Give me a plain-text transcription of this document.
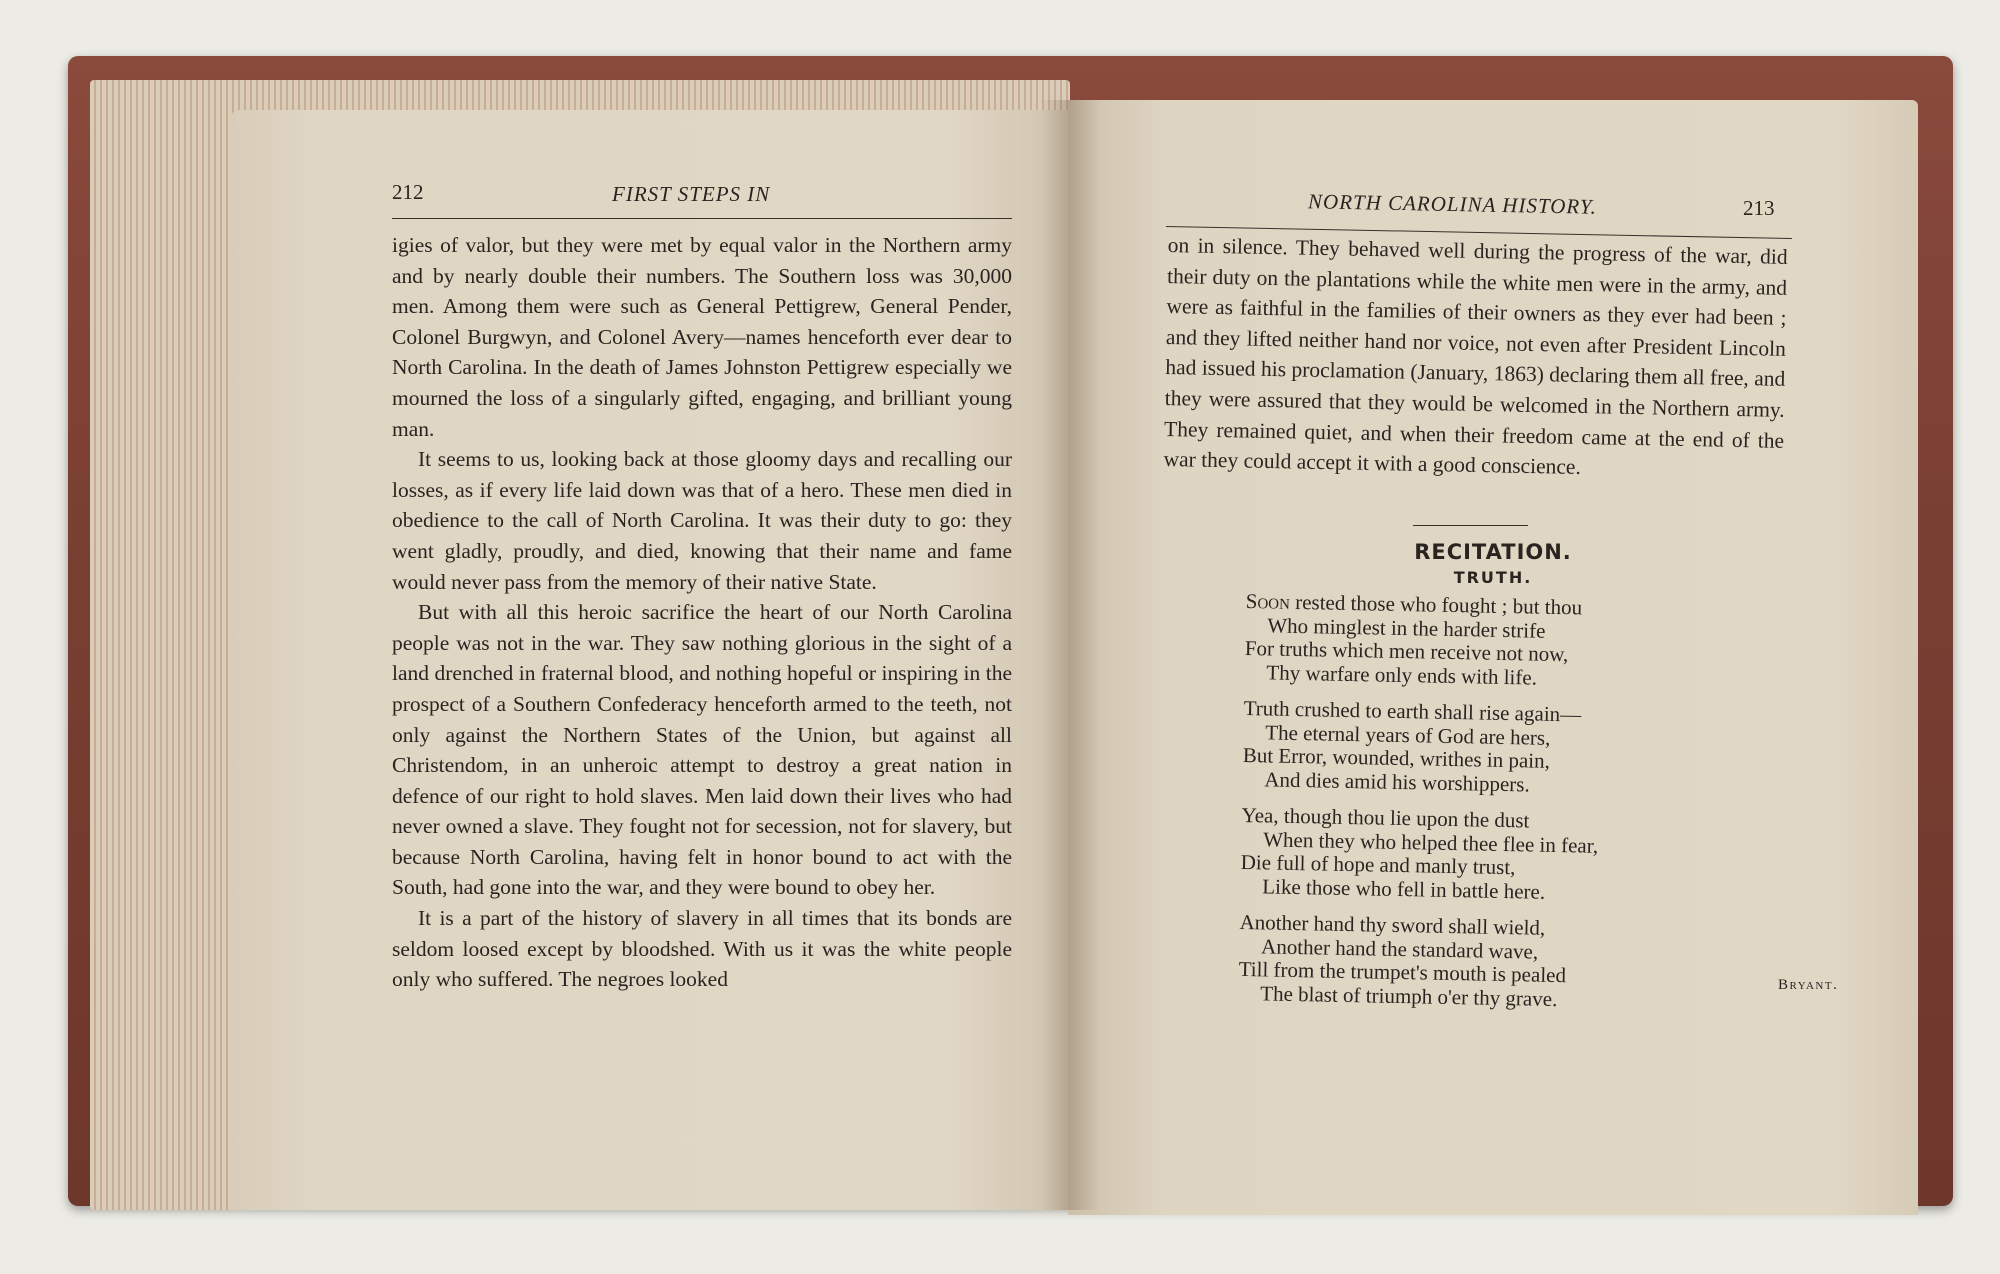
212	FIRST STEPS IN

igies of valor, but they were met by equal valor in the Northern army and by nearly double their numbers. The Southern loss was 30,000 men. Among them were such as General Pettigrew, General Pender, Colonel Burgwyn, and Colonel Avery—names henceforth ever dear to North Carolina. In the death of James Johnston Pettigrew especially we mourned the loss of a singularly gifted, engaging, and brilliant young man.

It seems to us, looking back at those gloomy days and recalling our losses, as if every life laid down was that of a hero. These men died in obedience to the call of North Carolina. It was their duty to go: they went gladly, proudly, and died, knowing that their name and fame would never pass from the memory of their native State.

But with all this heroic sacrifice the heart of our North Carolina people was not in the war. They saw nothing glorious in the sight of a land drenched in fraternal blood, and nothing hopeful or inspiring in the prospect of a Southern Confederacy henceforth armed to the teeth, not only against the Northern States of the Union, but against all Christendom, in an unheroic attempt to destroy a great nation in defence of our right to hold slaves. Men laid down their lives who had never owned a slave. They fought not for secession, not for slavery, but because North Carolina, having felt in honor bound to act with the South, had gone into the war, and they were bound to obey her.

It is a part of the history of slavery in all times that its bonds are seldom loosed except by bloodshed. With us it was the white people only who suffered. The negroes looked

NORTH CAROLINA HISTORY.	213

on in silence. They behaved well during the progress of the war, did their duty on the plantations while the white men were in the army, and were as faithful in the families of their owners as they ever had been ; and they lifted neither hand nor voice, not even after President Lincoln had issued his proclamation (January, 1863) declaring them all free, and they were assured that they would be welcomed in the Northern army. They remained quiet, and when their freedom came at the end of the war they could accept it with a good conscience.

RECITATION.
TRUTH.
Soon rested those who fought ; but thou
Who minglest in the harder strife
For truths which men receive not now,
Thy warfare only ends with life.
Truth crushed to earth shall rise again—
The eternal years of God are hers,
But Error, wounded, writhes in pain,
And dies amid his worshippers.
Yea, though thou lie upon the dust
When they who helped thee flee in fear,
Die full of hope and manly trust,
Like those who fell in battle here.
Another hand thy sword shall wield,
Another hand the standard wave,
Till from the trumpet's mouth is pealed
The blast of triumph o'er thy grave.	Bryant.
